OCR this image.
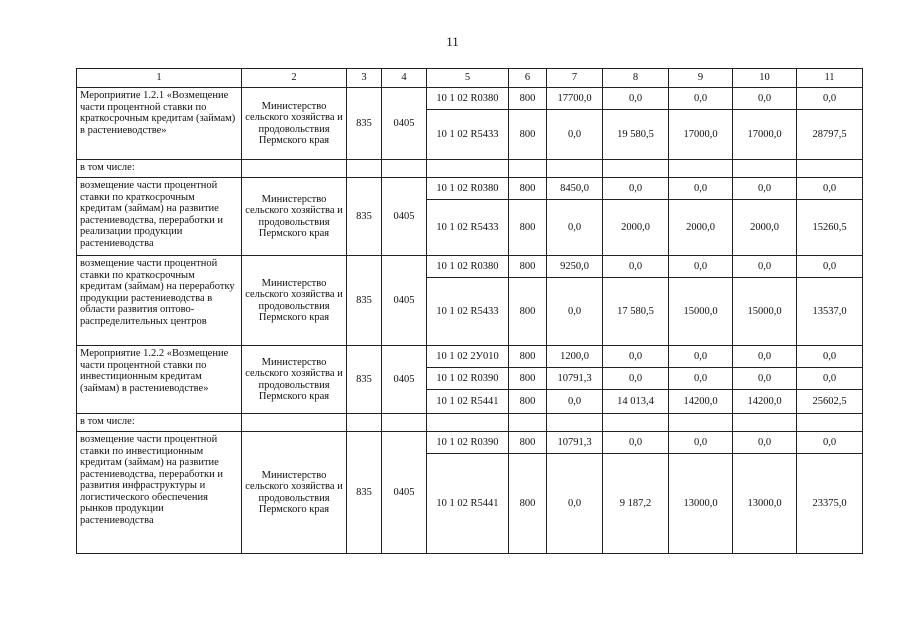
11
1	2	3	4	5	6	7	8	9	10	11
Мероприятие 1.2.1 «Возмещение части процентной ставки по краткосрочным кредитам (займам) в растениеводстве»	Министерство сельского хозяйства и продовольствия Пермского края	835	0405	10 1 02 R0380	800	17700,0	0,0	0,0	0,0	0,0
				10 1 02 R5433	800	0,0	19 580,5	17000,0	17000,0	28797,5
в том числе:										
возмещение части процентной ставки по краткосрочным кредитам (займам) на развитие растениеводства, переработки и реализации продукции растениеводства	Министерство сельского хозяйства и продовольствия Пермского края	835	0405	10 1 02 R0380	800	8450,0	0,0	0,0	0,0	0,0
				10 1 02 R5433	800	0,0	2000,0	2000,0	2000,0	15260,5
возмещение части процентной ставки по краткосрочным кредитам (займам) на переработку продукции растениеводства в области развития оптово-распределительных центров	Министерство сельского хозяйства и продовольствия Пермского края	835	0405	10 1 02 R0380	800	9250,0	0,0	0,0	0,0	0,0
				10 1 02 R5433	800	0,0	17 580,5	15000,0	15000,0	13537,0
Мероприятие 1.2.2 «Возмещение части процентной ставки по инвестиционным кредитам (займам) в растениеводстве»	Министерство сельского хозяйства и продовольствия Пермского края	835	0405	10 1 02 2У010	800	1200,0	0,0	0,0	0,0	0,0
				10 1 02 R0390	800	10791,3	0,0	0,0	0,0	0,0
				10 1 02 R5441	800	0,0	14 013,4	14200,0	14200,0	25602,5
в том числе:										
возмещение части процентной ставки по инвестиционным кредитам (займам) на развитие растениеводства, переработки и развития инфраструктуры и логистического обеспечения рынков продукции растениеводства	Министерство сельского хозяйства и продовольствия Пермского края	835	0405	10 1 02 R0390	800	10791,3	0,0	0,0	0,0	0,0
				10 1 02 R5441	800	0,0	9 187,2	13000,0	13000,0	23375,0
